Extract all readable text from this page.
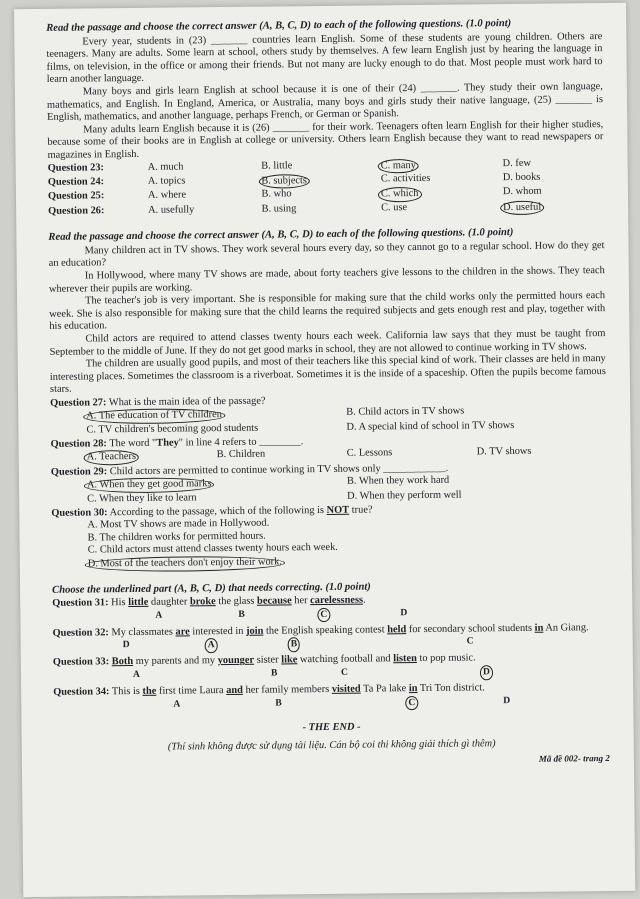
Read the passage and choose the correct answer (A, B, C, D) to each of the following questions. (1.0 point)

Every year, students in (23) _______ countries learn English. Some of these students are young children. Others are teenagers. Many are adults. Some learn at school, others study by themselves. A few learn English just by hearing the language in films, on television, in the office or among their friends. But not many are lucky enough to do that. Most people must work hard to learn another language.

Many boys and girls learn English at school because it is one of their (24) _______. They study their own language, mathematics, and English. In England, America, or Australia, many boys and girls study their native language, (25) _______ is English, mathematics, and another language, perhaps French, or German or Spanish.

Many adults learn English because it is (26) _______ for their work. Teenagers often learn English for their higher studies, because some of their books are in English at college or university. Others learn English because they want to read newspapers or magazines in English.

Question 23:	A. much	B. little	C. many	D. few
Question 24:	A. topics	B. subjects	C. activities	D. books
Question 25:	A. where	B. who	C. which	D. whom
Question 26:	A. usefully	B. using	C. use	D. useful
Read the passage and choose the correct answer (A, B, C, D) to each of the following questions. (1.0 point)

Many children act in TV shows. They work several hours every day, so they cannot go to a regular school. How do they get an education?

In Hollywood, where many TV shows are made, about forty teachers give lessons to the children in the shows. They teach wherever their pupils are working.

The teacher's job is very important. She is responsible for making sure that the child works only the permitted hours each week. She is also responsible for making sure that the child learns the required subjects and gets enough rest and play, together with his education.

Child actors are required to attend classes twenty hours each week. California law says that they must be taught from September to the middle of June. If they do not get good marks in school, they are not allowed to continue working in TV shows.

The children are usually good pupils, and most of their teachers like this special kind of work. Their classes are held in many interesting places. Sometimes the classroom is a riverboat. Sometimes it is the inside of a spaceship. Often the pupils become famous stars.

Question 27: What is the main idea of the passage?
A. The education of TV children	B. Child actors in TV shows
C. TV children's becoming good students	D. A special kind of school in TV shows
Question 28: The word "They" in line 4 refers to ________.
A. Teachers	B. Children	C. Lessons	D. TV shows
Question 29: Child actors are permitted to continue working in TV shows only ____________.
A. When they get good marks	B. When they work hard
C. When they like to learn	D. When they perform well
Question 30: According to the passage, which of the following is NOT true?
A. Most TV shows are made in Hollywood.
B. The children works for permitted hours.
C. Child actors must attend classes twenty hours each week.
D. Most of the teachers don't enjoy their work.
Choose the underlined part (A, B, C, D) that needs correcting. (1.0 point)
Question 31: His little daughter broke the glass because her carelessness.
A	B	C	D
Question 32: My classmates are interested in join the English speaking contest held for secondary school students in An Giang.
D	A	B	C
Question 33: Both my parents and my younger sister like watching football and listen to pop music.
A	B	C	D
Question 34: This is the first time Laura and her family members visited Ta Pa lake in Tri Ton district.
A	B	C	D
- THE END -
(Thí sinh không được sử dụng tài liệu. Cán bộ coi thi không giải thích gì thêm)
Mã đề 002- trang 2
